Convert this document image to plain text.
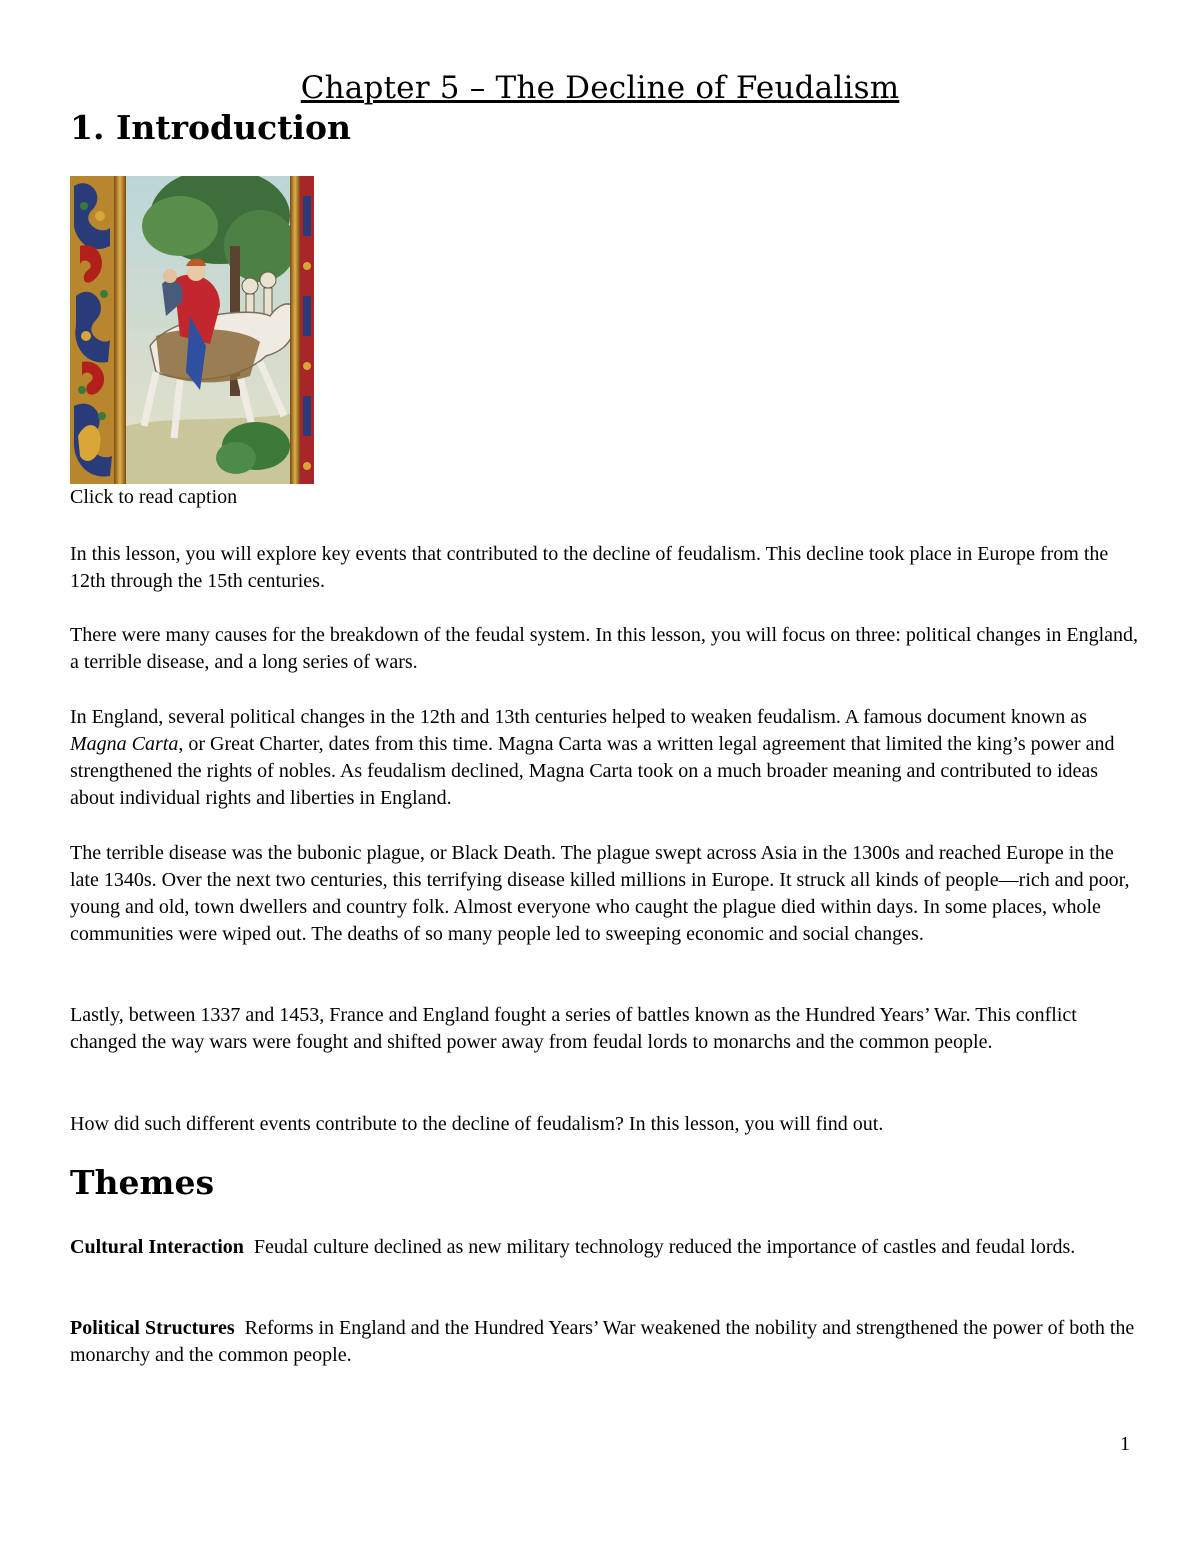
Chapter 5 – The Decline of Feudalism
1. Introduction
Click to read caption

In this lesson, you will explore key events that contributed to the decline of feudalism. This decline took place in Europe from the 12th through the 15th centuries.

There were many causes for the breakdown of the feudal system. In this lesson, you will focus on three: political changes in England, a terrible disease, and a long series of wars.

In England, several political changes in the 12th and 13th centuries helped to weaken feudalism. A famous document known as Magna Carta, or Great Charter, dates from this time. Magna Carta was a written legal agreement that limited the king’s power and strengthened the rights of nobles. As feudalism declined, Magna Carta took on a much broader meaning and contributed to ideas about individual rights and liberties in England.

The terrible disease was the bubonic plague, or Black Death. The plague swept across Asia in the 1300s and reached Europe in the late 1340s. Over the next two centuries, this terrifying disease killed millions in Europe. It struck all kinds of people—rich and poor, young and old, town dwellers and country folk. Almost everyone who caught the plague died within days. In some places, whole communities were wiped out. The deaths of so many people led to sweeping economic and social changes.

Lastly, between 1337 and 1453, France and England fought a series of battles known as the Hundred Years’ War. This conflict changed the way wars were fought and shifted power away from feudal lords to monarchs and the common people.

How did such different events contribute to the decline of feudalism? In this lesson, you will find out.

Themes

Cultural Interaction Feudal culture declined as new military technology reduced the importance of castles and feudal lords.

Political Structures Reforms in England and the Hundred Years’ War weakened the nobility and strengthened the power of both the monarchy and the common people.

1
